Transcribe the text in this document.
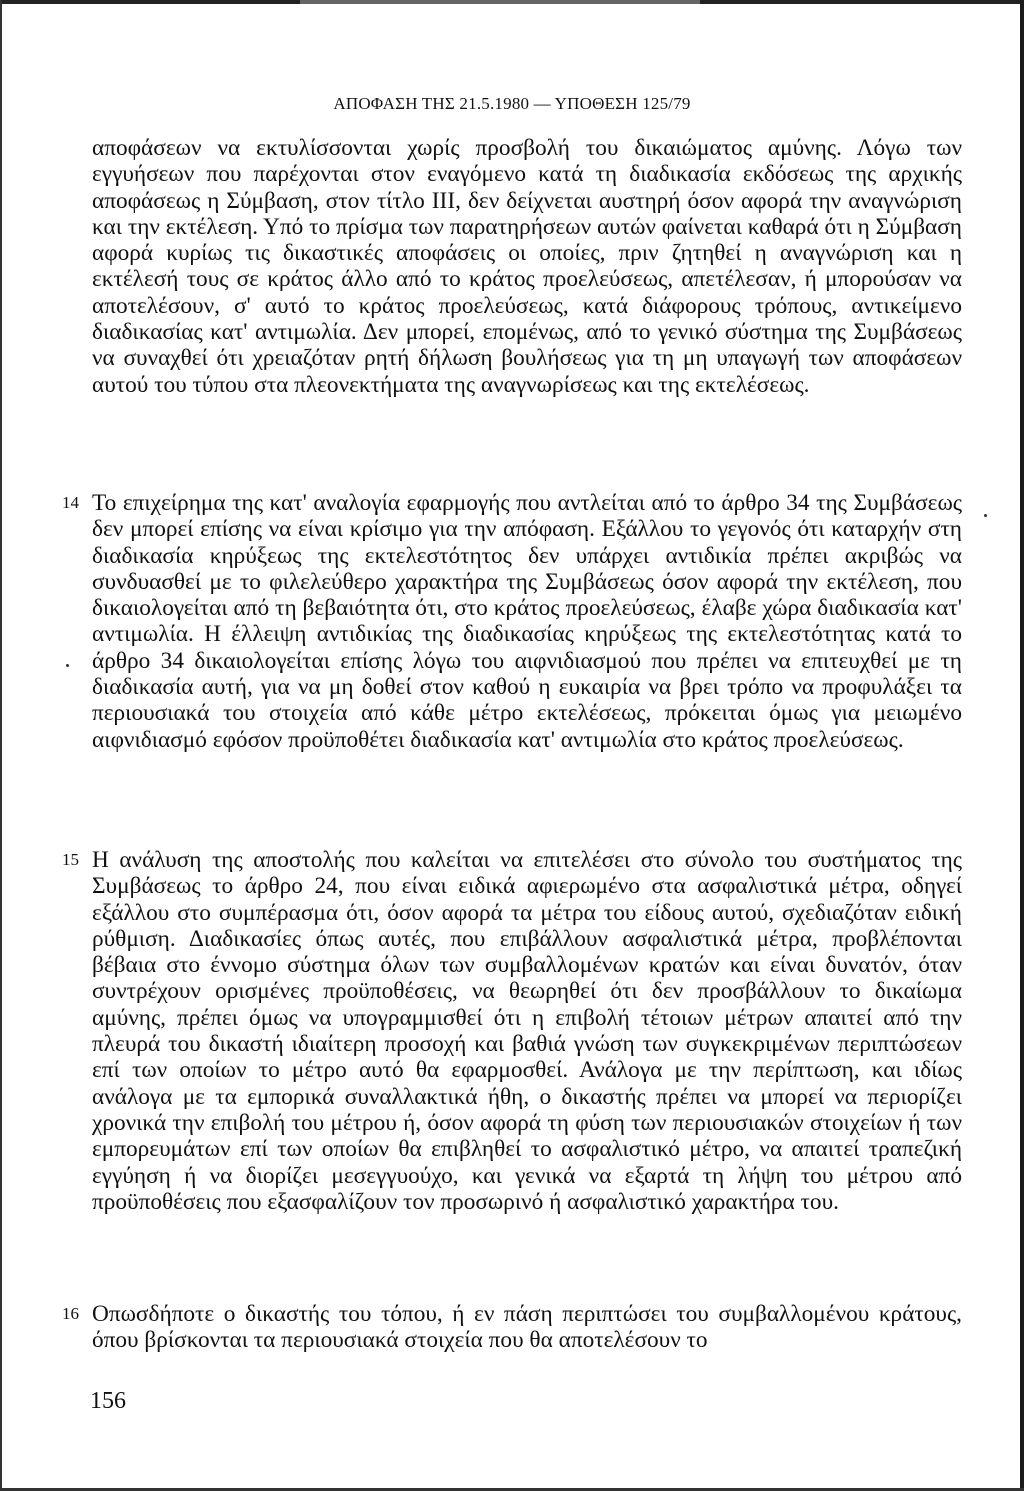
ΑΠΟΦΑΣΗ ΤΗΣ 21.5.1980 — ΥΠΟΘΕΣΗ 125/79

αποφάσεων να εκτυλίσσονται χωρίς προσβολή του δικαιώματος αμύνης. Λόγω των εγγυήσεων που παρέχονται στον εναγόμενο κατά τη διαδικασία εκδόσεως της αρχικής αποφάσεως η Σύμβαση, στον τίτλο III, δεν δείχνεται αυστηρή όσον αφορά την αναγνώριση και την εκτέλεση. Υπό το πρίσμα των παρατηρήσεων αυτών φαίνεται καθαρά ότι η Σύμβαση αφορά κυρίως τις δικαστικές αποφάσεις οι οποίες, πριν ζητηθεί η αναγνώριση και η εκτέλεσή τους σε κράτος άλλο από το κράτος προελεύσεως, απετέλεσαν, ή μπορούσαν να αποτελέσουν, σ' αυτό το κράτος προελεύσεως, κατά διάφορους τρόπους, αντικείμενο διαδικασίας κατ' αντιμωλία. Δεν μπορεί, επομένως, από το γενικό σύστημα της Συμβάσεως να συναχθεί ότι χρειαζόταν ρητή δήλωση βουλήσεως για τη μη υπαγωγή των αποφάσεων αυτού του τύπου στα πλεονεκτήματα της αναγνωρίσεως και της εκτελέσεως.

14 Το επιχείρημα της κατ' αναλογία εφαρμογής που αντλείται από το άρθρο 34 της Συμβάσεως δεν μπορεί επίσης να είναι κρίσιμο για την απόφαση. Εξάλλου το γεγονός ότι καταρχήν στη διαδικασία κηρύξεως της εκτελεστότητος δεν υπάρχει αντιδικία πρέπει ακριβώς να συνδυασθεί με το φιλελεύθερο χαρακτήρα της Συμβάσεως όσον αφορά την εκτέλεση, που δικαιολογείται από τη βεβαιότητα ότι, στο κράτος προελεύσεως, έλαβε χώρα διαδικασία κατ' αντιμωλία. Η έλλειψη αντιδικίας της διαδικασίας κηρύξεως της εκτελεστότητας κατά το άρθρο 34 δικαιολογείται επίσης λόγω του αιφνιδιασμού που πρέπει να επιτευχθεί με τη διαδικασία αυτή, για να μη δοθεί στον καθού η ευκαιρία να βρει τρόπο να προφυλάξει τα περιουσιακά του στοιχεία από κάθε μέτρο εκτελέσεως, πρόκειται όμως για μειωμένο αιφνιδιασμό εφόσον προϋποθέτει διαδικασία κατ' αντιμωλία στο κράτος προελεύσεως.

15 Η ανάλυση της αποστολής που καλείται να επιτελέσει στο σύνολο του συστήματος της Συμβάσεως το άρθρο 24, που είναι ειδικά αφιερωμένο στα ασφαλιστικά μέτρα, οδηγεί εξάλλου στο συμπέρασμα ότι, όσον αφορά τα μέτρα του είδους αυτού, σχεδιαζόταν ειδική ρύθμιση. Διαδικασίες όπως αυτές, που επιβάλλουν ασφαλιστικά μέτρα, προβλέπονται βέβαια στο έννομο σύστημα όλων των συμβαλλομένων κρατών και είναι δυνατόν, όταν συντρέχουν ορισμένες προϋποθέσεις, να θεωρηθεί ότι δεν προσβάλλουν το δικαίωμα αμύνης, πρέπει όμως να υπογραμμισθεί ότι η επιβολή τέτοιων μέτρων απαιτεί από την πλευρά του δικαστή ιδιαίτερη προσοχή και βαθιά γνώση των συγκεκριμένων περιπτώσεων επί των οποίων το μέτρο αυτό θα εφαρμοσθεί. Ανάλογα με την περίπτωση, και ιδίως ανάλογα με τα εμπορικά συναλλακτικά ήθη, ο δικαστής πρέπει να μπορεί να περιορίζει χρονικά την επιβολή του μέτρου ή, όσον αφορά τη φύση των περιουσιακών στοιχείων ή των εμπορευμάτων επί των οποίων θα επιβληθεί το ασφαλιστικό μέτρο, να απαιτεί τραπεζική εγγύηση ή να διορίζει μεσεγγυούχο, και γενικά να εξαρτά τη λήψη του μέτρου από προϋποθέσεις που εξασφαλίζουν τον προσωρινό ή ασφαλιστικό χαρακτήρα του.

16 Οπωσδήποτε ο δικαστής του τόπου, ή εν πάση περιπτώσει του συμβαλλομένου κράτους, όπου βρίσκονται τα περιουσιακά στοιχεία που θα αποτελέσουν το

156
